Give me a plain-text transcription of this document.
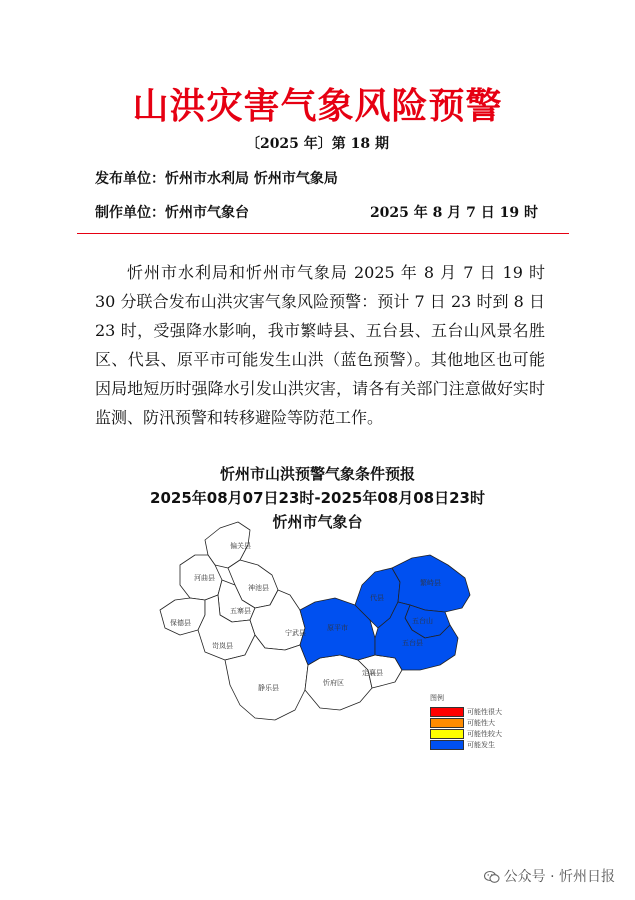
山洪灾害气象风险预警
〔2025 年〕第 18 期
发布单位：忻州市水利局 忻州市气象局
制作单位：忻州市气象台	2025 年 8 月 7 日 19 时
忻州市水利局和忻州市气象局 2025 年 8 月 7 日 19 时 30 分联合发布山洪灾害气象风险预警：预计 7 日 23 时到 8 日 23 时，受强降水影响，我市繁峙县、五台县、五台山风景名胜区、代县、原平市可能发生山洪（蓝色预警）。其他地区也可能因局地短历时强降水引发山洪灾害，请各有关部门注意做好实时监测、防汛预警和转移避险等防范工作。
忻州市山洪预警气象条件预报
2025年08月07日23时-2025年08月08日23时
忻州市气象台
偏关县
河曲县
神池县
五寨县
保德县
岢岚县
宁武县
静乐县
忻府区
定襄县
原平市
代县
繁峙县
五台山
五台县
图例
可能性很大
可能性大
可能性较大
可能发生
公众号 · 忻州日报
